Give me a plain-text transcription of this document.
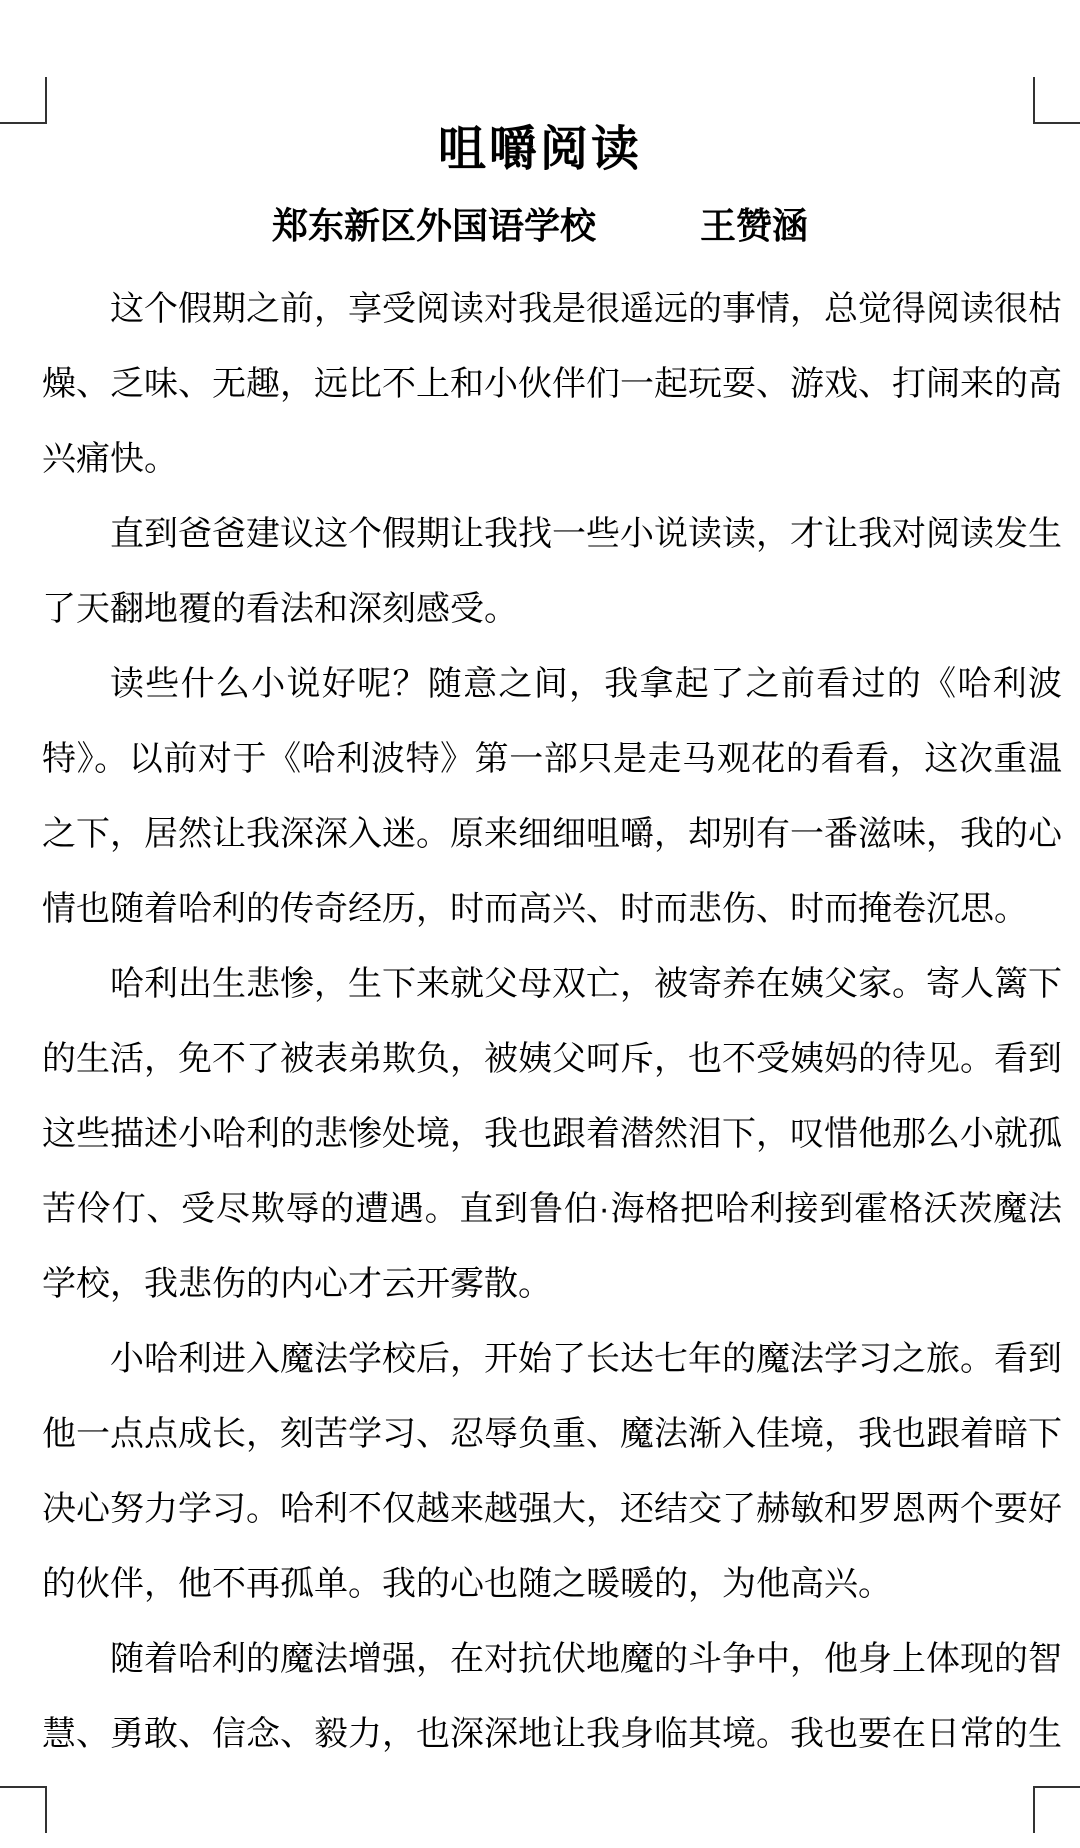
咀嚼阅读
郑东新区外国语学校	王赞涵

这个假期之前，享受阅读对我是很遥远的事情，总觉得阅读很枯燥、乏味、无趣，远比不上和小伙伴们一起玩耍、游戏、打闹来的高兴痛快。

直到爸爸建议这个假期让我找一些小说读读，才让我对阅读发生了天翻地覆的看法和深刻感受。

读些什么小说好呢？随意之间，我拿起了之前看过的《哈利波特》。以前对于《哈利波特》第一部只是走马观花的看看，这次重温之下，居然让我深深入迷。原来细细咀嚼，却别有一番滋味，我的心情也随着哈利的传奇经历，时而高兴、时而悲伤、时而掩卷沉思。

哈利出生悲惨，生下来就父母双亡，被寄养在姨父家。寄人篱下的生活，免不了被表弟欺负，被姨父呵斥，也不受姨妈的待见。看到这些描述小哈利的悲惨处境，我也跟着潜然泪下，叹惜他那么小就孤苦伶仃、受尽欺辱的遭遇。直到鲁伯·海格把哈利接到霍格沃茨魔法学校，我悲伤的内心才云开雾散。

小哈利进入魔法学校后，开始了长达七年的魔法学习之旅。看到他一点点成长，刻苦学习、忍辱负重、魔法渐入佳境，我也跟着暗下决心努力学习。哈利不仅越来越强大，还结交了赫敏和罗恩两个要好的伙伴，他不再孤单。我的心也随之暖暖的，为他高兴。

随着哈利的魔法增强，在对抗伏地魔的斗争中，他身上体现的智慧、勇敢、信念、毅力，也深深地让我身临其境。我也要在日常的生
